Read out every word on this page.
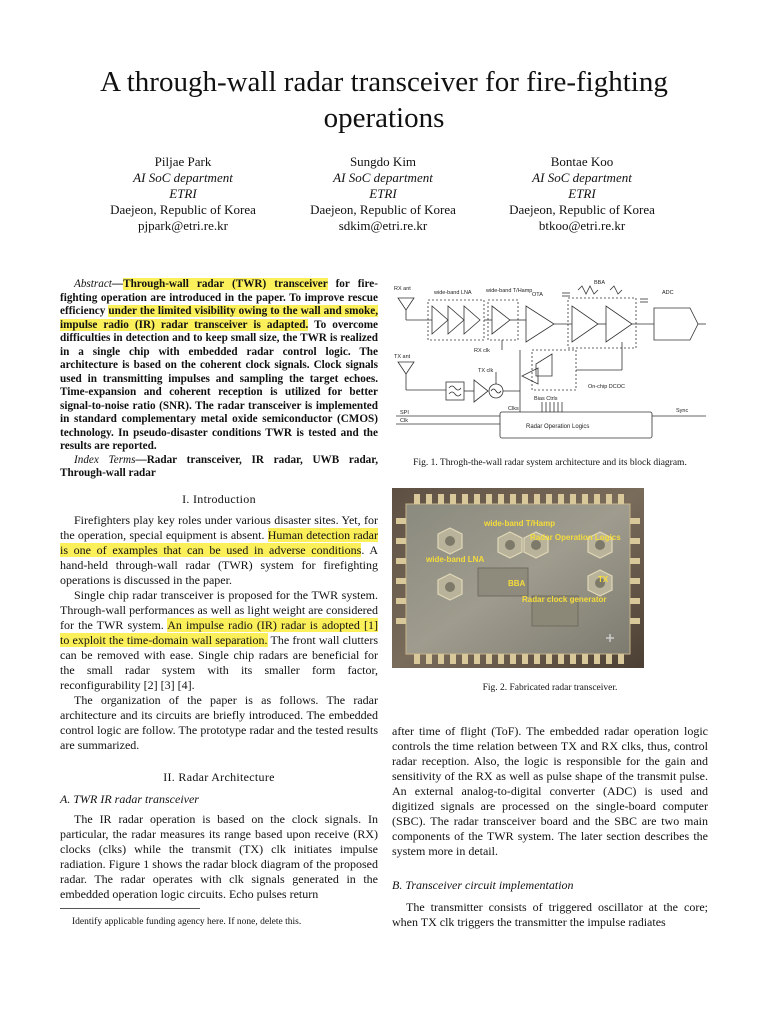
A through-wall radar transceiver for fire-fighting
operations
Piljae Park
AI SoC department
ETRI
Daejeon, Republic of Korea
pjpark@etri.re.kr
Sungdo Kim
AI SoC department
ETRI
Daejeon, Republic of Korea
sdkim@etri.re.kr
Bontae Koo
AI SoC department
ETRI
Daejeon, Republic of Korea
btkoo@etri.re.kr
Abstract—Through-wall radar (TWR) transceiver for fire-fighting operation are introduced in the paper. To improve rescue efficiency under the limited visibility owing to the wall and smoke, impulse radio (IR) radar transceiver is adapted. To overcome difficulties in detection and to keep small size, the TWR is realized in a single chip with embedded radar control logic. The architecture is based on the coherent clock signals. Clock signals used in transmitting impulses and sampling the target echoes. Time-expansion and coherent reception is utilized for better signal-to-noise ratio (SNR). The radar transceiver is implemented in standard complementary metal oxide semiconductor (CMOS) technology. In pseudo-disaster conditions TWR is tested and the results are reported.
Index Terms—Radar transceiver, IR radar, UWB radar, Through-wall radar
I. Introduction

Firefighters play key roles under various disaster sites. Yet, for the operation, special equipment is absent. Human detection radar is one of examples that can be used in adverse conditions. A hand-held through-wall radar (TWR) system for firefighting operations is discussed in the paper.

Single chip radar transceiver is proposed for the TWR system. Through-wall performances as well as light weight are considered for the TWR system. An impulse radio (IR) radar is adopted [1] to exploit the time-domain wall separation. The front wall clutters can be removed with ease. Single chip radars are beneficial for the small radar system with its smaller form factor, reconfigurability [2] [3] [4].

The organization of the paper is as follows. The radar architecture and its circuits are briefly introduced. The embedded control logic are follow. The prototype radar and the tested results are summarized.

II. Radar Architecture
A. TWR IR radar transceiver

The IR radar operation is based on the clock signals. In particular, the radar measures its range based upon receive (RX) clocks (clks) while the transmit (TX) clk initiates impulse radiation. Figure 1 shows the radar block diagram of the proposed radar. The radar operates with clk signals generated in the embedded operation logic circuits. Echo pulses return

Identify applicable funding agency here. If none, delete this.
RX ant
wide-band LNA	wide-band T/Hamp
OTA
BBA
ADC
RX clk
TX clk
TX ant
On-chip DCOC
SPI
Clk
Clks
Bias Ctrls
Sync
Radar Operation Logics
Fig. 1. Throgh-the-wall radar system architecture and its block diagram.
wide-band T/Hamp
Radar Operation Logics
wide-band LNA
TX
BBA
Radar clock generator
Fig. 2. Fabricated radar transceiver.

after time of flight (ToF). The embedded radar operation logic controls the time relation between TX and RX clks, thus, control radar reception. Also, the logic is responsible for the gain and sensitivity of the RX as well as pulse shape of the transmit pulse. An external analog-to-digital converter (ADC) is used and digitized signals are processed on the single-board computer (SBC). The radar transceiver board and the SBC are two main components of the TWR system. The later section describes the system more in detail.

B. Transceiver circuit implementation

The transmitter consists of triggered oscillator at the core; when TX clk triggers the transmitter the impulse radiates
